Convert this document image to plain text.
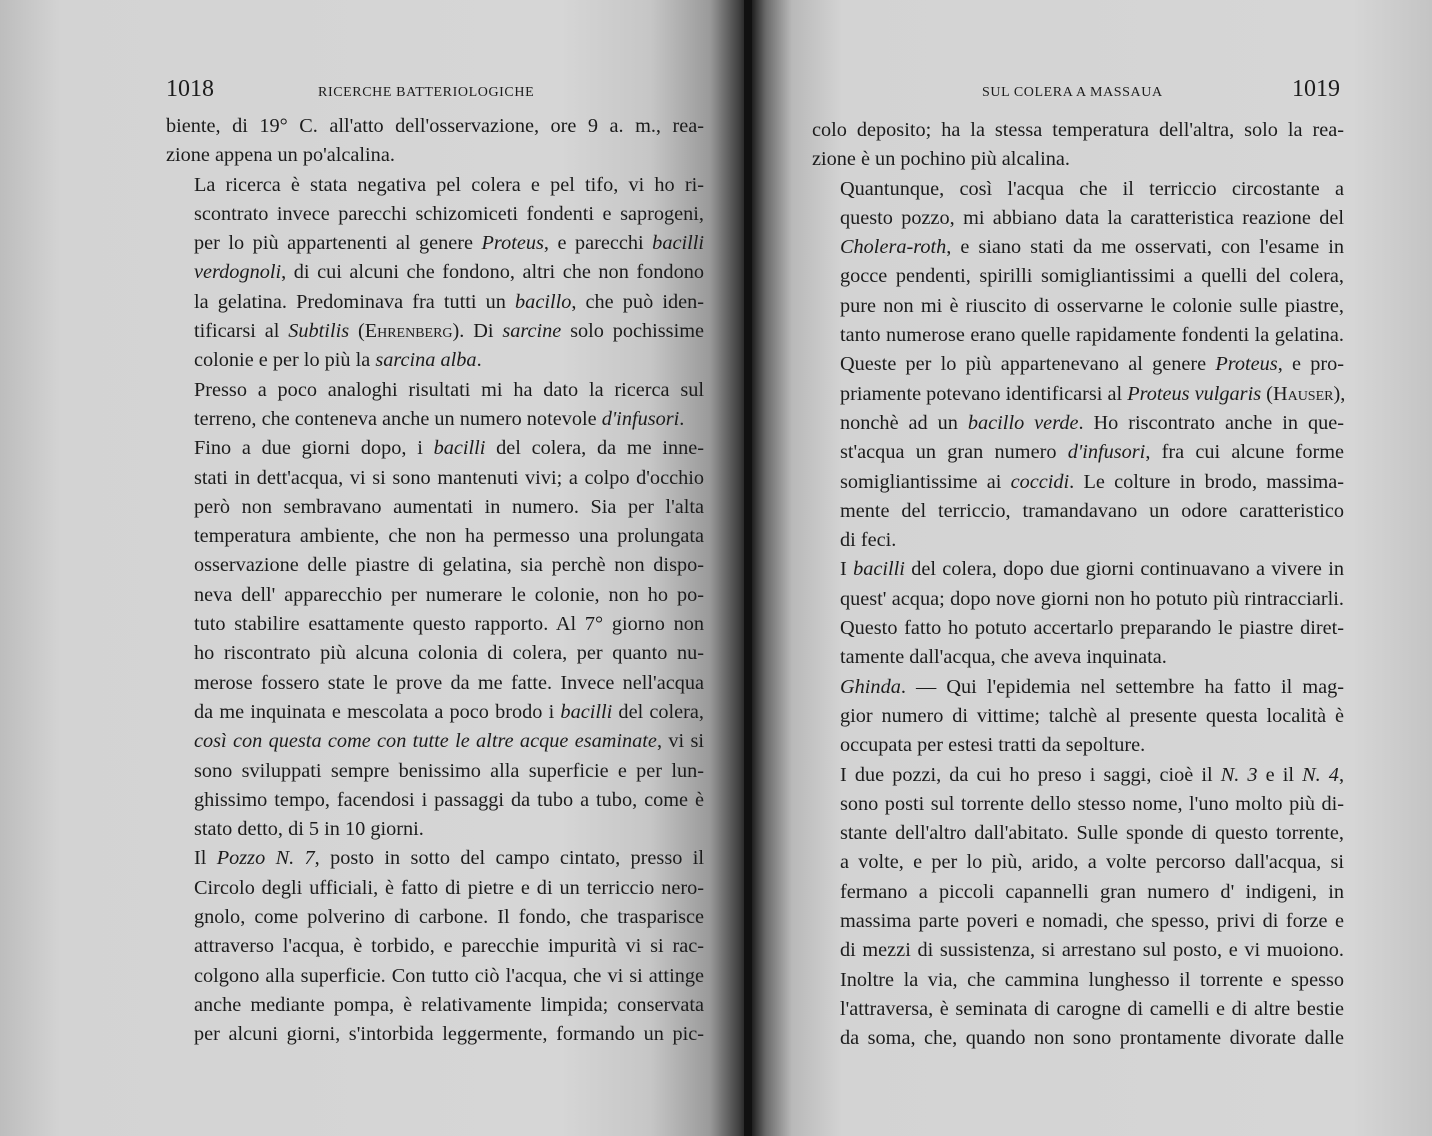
1018	RICERCHE BATTERIOLOGICHE

biente, di 19° C. all'atto dell'osservazione, ore 9 a. m., rea-
zione appena un po'alcalina.

La ricerca è stata negativa pel colera e pel tifo, vi ho ri-
scontrato invece parecchi schizomiceti fondenti e saprogeni,
per lo più appartenenti al genere Proteus, e parecchi bacilli
verdognoli, di cui alcuni che fondono, altri che non fondono
la gelatina. Predominava fra tutti un bacillo, che può iden-
tificarsi al Subtilis (Ehrenberg). Di sarcine solo pochissime
colonie e per lo più la sarcina alba.

Presso a poco analoghi risultati mi ha dato la ricerca sul
terreno, che conteneva anche un numero notevole d'infusori.

Fino a due giorni dopo, i bacilli del colera, da me inne-
stati in dett'acqua, vi si sono mantenuti vivi; a colpo d'occhio
però non sembravano aumentati in numero. Sia per l'alta
temperatura ambiente, che non ha permesso una prolungata
osservazione delle piastre di gelatina, sia perchè non dispo-
neva dell' apparecchio per numerare le colonie, non ho po-
tuto stabilire esattamente questo rapporto. Al 7° giorno non
ho riscontrato più alcuna colonia di colera, per quanto nu-
merose fossero state le prove da me fatte. Invece nell'acqua
da me inquinata e mescolata a poco brodo i bacilli del colera,
così con questa come con tutte le altre acque esaminate, vi si
sono sviluppati sempre benissimo alla superficie e per lun-
ghissimo tempo, facendosi i passaggi da tubo a tubo, come è
stato detto, di 5 in 10 giorni.

Il Pozzo N. 7, posto in sotto del campo cintato, presso il
Circolo degli ufficiali, è fatto di pietre e di un terriccio nero-
gnolo, come polverino di carbone. Il fondo, che trasparisce
attraverso l'acqua, è torbido, e parecchie impurità vi si rac-
colgono alla superficie. Con tutto ciò l'acqua, che vi si attinge
anche mediante pompa, è relativamente limpida; conservata
per alcuni giorni, s'intorbida leggermente, formando un pic-

SUL COLERA A MASSAUA	1019

colo deposito; ha la stessa temperatura dell'altra, solo la rea-
zione è un pochino più alcalina.

Quantunque, così l'acqua che il terriccio circostante a
questo pozzo, mi abbiano data la caratteristica reazione del
Cholera-roth, e siano stati da me osservati, con l'esame in
gocce pendenti, spirilli somigliantissimi a quelli del colera,
pure non mi è riuscito di osservarne le colonie sulle piastre,
tanto numerose erano quelle rapidamente fondenti la gelatina.
Queste per lo più appartenevano al genere Proteus, e pro-
priamente potevano identificarsi al Proteus vulgaris (Hauser),
nonchè ad un bacillo verde. Ho riscontrato anche in que-
st'acqua un gran numero d'infusori, fra cui alcune forme
somigliantissime ai coccidi. Le colture in brodo, massima-
mente del terriccio, tramandavano un odore caratteristico
di feci.

I bacilli del colera, dopo due giorni continuavano a vivere in
quest' acqua; dopo nove giorni non ho potuto più rintracciarli.
Questo fatto ho potuto accertarlo preparando le piastre diret-
tamente dall'acqua, che aveva inquinata.

Ghinda. — Qui l'epidemia nel settembre ha fatto il mag-
gior numero di vittime; talchè al presente questa località è
occupata per estesi tratti da sepolture.

I due pozzi, da cui ho preso i saggi, cioè il N. 3 e il N. 4,
sono posti sul torrente dello stesso nome, l'uno molto più di-
stante dell'altro dall'abitato. Sulle sponde di questo torrente,
a volte, e per lo più, arido, a volte percorso dall'acqua, si
fermano a piccoli capannelli gran numero d' indigeni, in
massima parte poveri e nomadi, che spesso, privi di forze e
di mezzi di sussistenza, si arrestano sul posto, e vi muoiono.
Inoltre la via, che cammina lunghesso il torrente e spesso
l'attraversa, è seminata di carogne di camelli e di altre bestie
da soma, che, quando non sono prontamente divorate dalle
